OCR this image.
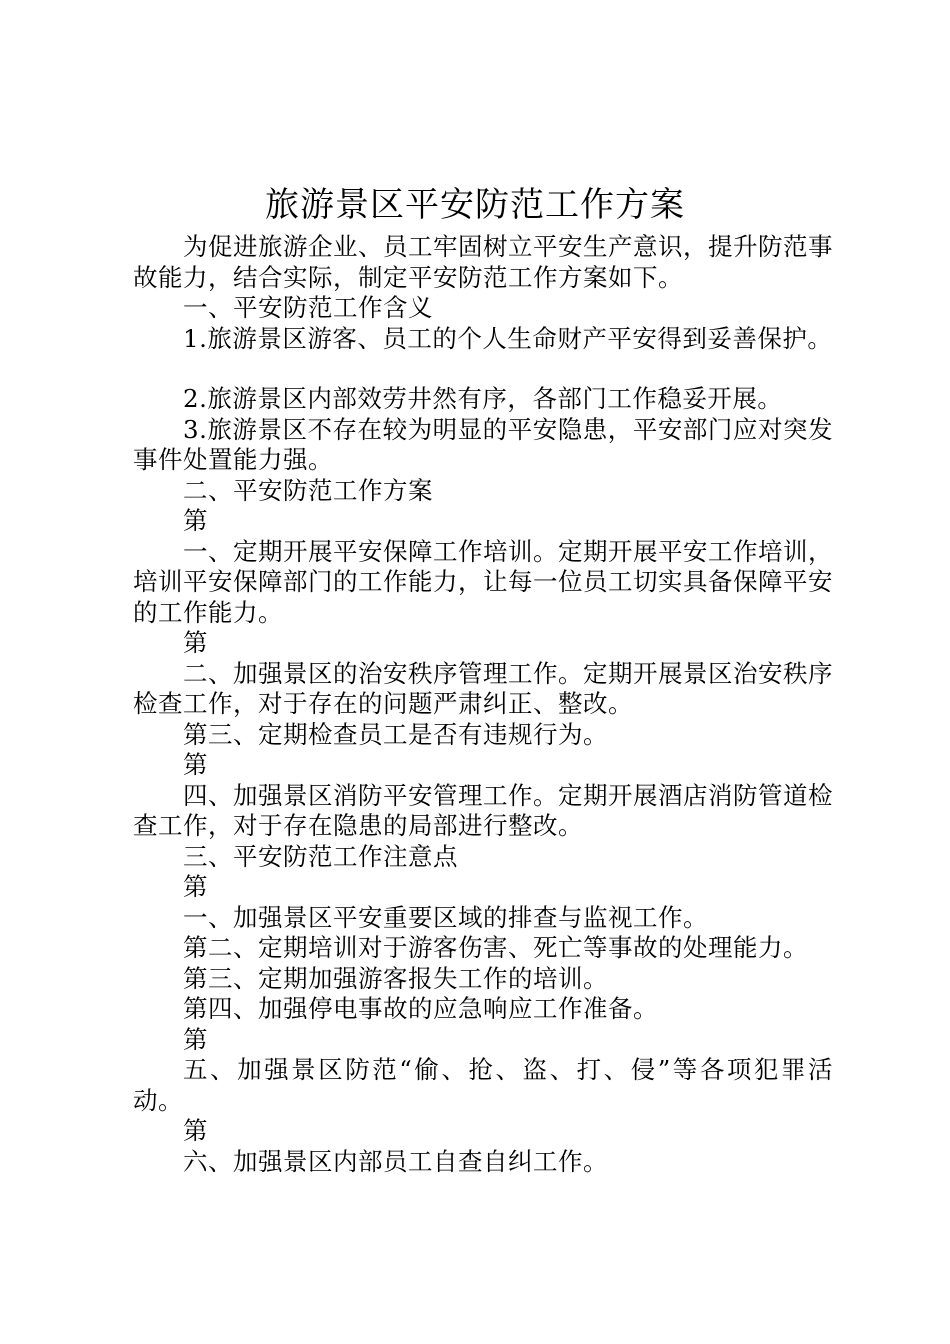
旅游景区平安防范工作方案

为促进旅游企业、员工牢固树立平安生产意识，提升防范事故能力，结合实际，制定平安防范工作方案如下。

一、平安防范工作含义

1.旅游景区游客、员工的个人生命财产平安得到妥善保护。

2.旅游景区内部效劳井然有序，各部门工作稳妥开展。

3.旅游景区不存在较为明显的平安隐患，平安部门应对突发事件处置能力强。

二、平安防范工作方案

第

一、定期开展平安保障工作培训。定期开展平安工作培训，培训平安保障部门的工作能力，让每一位员工切实具备保障平安的工作能力。

第

二、加强景区的治安秩序管理工作。定期开展景区治安秩序检查工作，对于存在的问题严肃纠正、整改。

第三、定期检查员工是否有违规行为。

第

四、加强景区消防平安管理工作。定期开展酒店消防管道检查工作，对于存在隐患的局部进行整改。

三、平安防范工作注意点

第

一、加强景区平安重要区域的排查与监视工作。

第二、定期培训对于游客伤害、死亡等事故的处理能力。

第三、定期加强游客报失工作的培训。

第四、加强停电事故的应急响应工作准备。

第

五、加强景区防范“偷、抢、盗、打、侵”等各项犯罪活动。

第

六、加强景区内部员工自查自纠工作。
